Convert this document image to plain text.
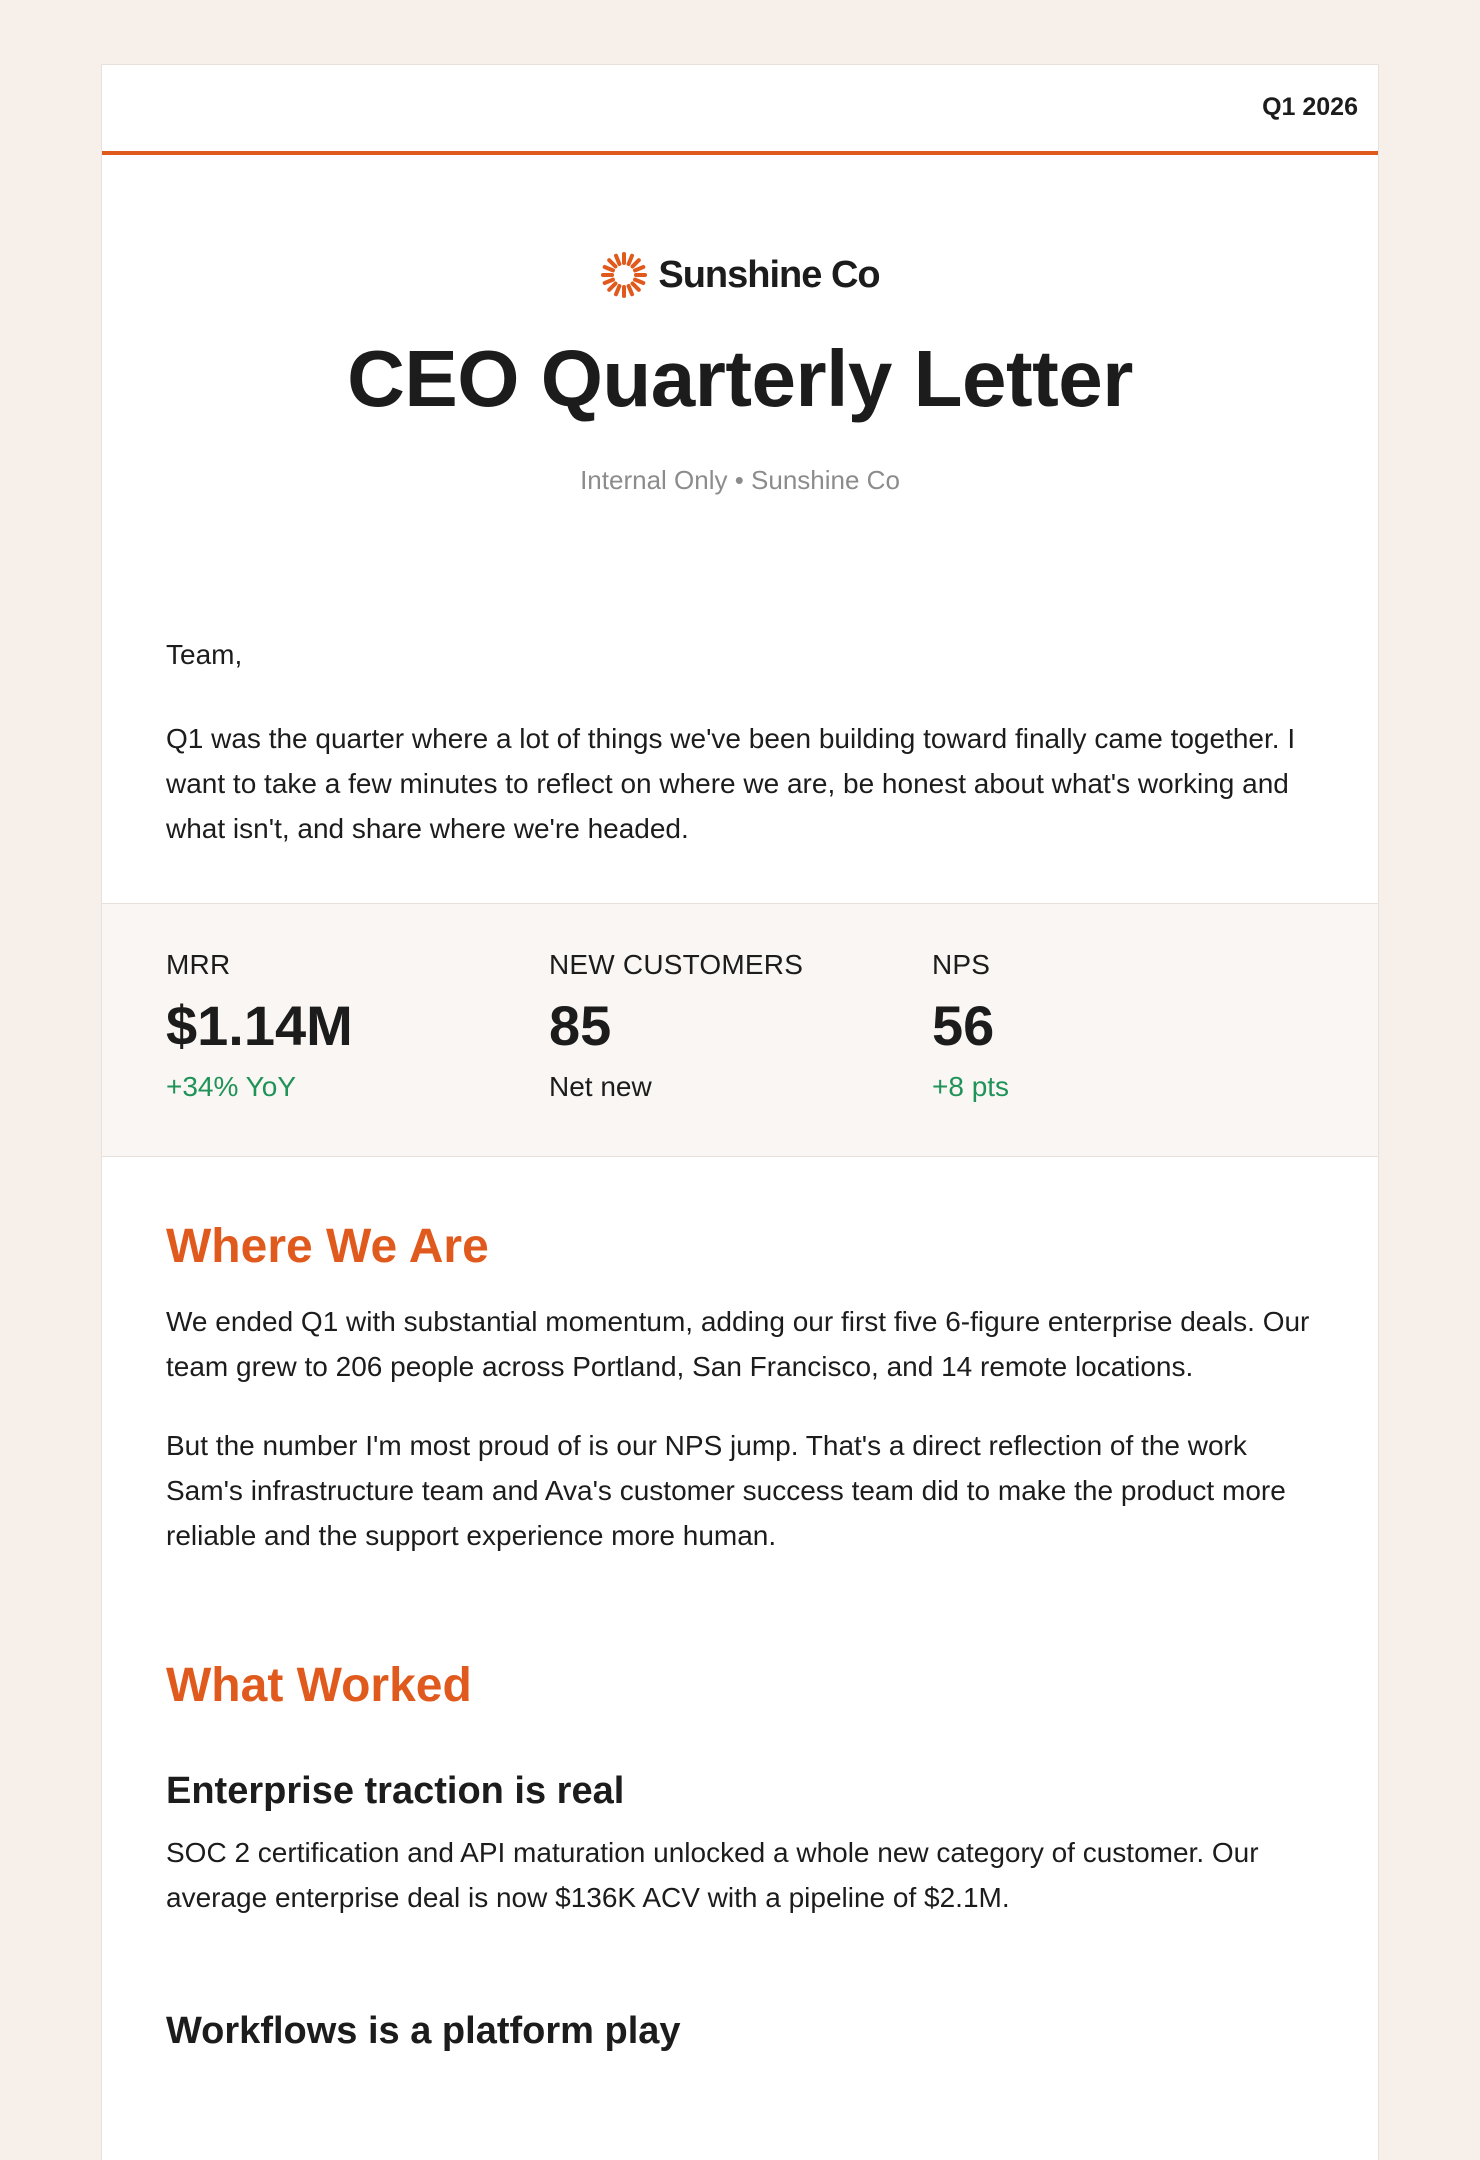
Q1 2026
Sunshine Co
CEO Quarterly Letter
Internal Only • Sunshine Co

Team,

Q1 was the quarter where a lot of things we've been building toward finally came together. I want to take a few minutes to reflect on where we are, be honest about what's working and what isn't, and share where we're headed.

MRR
$1.14M
+34% YoY
NEW CUSTOMERS
85
Net new
NPS
56
+8 pts
Where We Are

We ended Q1 with substantial momentum, adding our first five 6-figure enterprise deals. Our team grew to 206 people across Portland, San Francisco, and 14 remote locations.

But the number I'm most proud of is our NPS jump. That's a direct reflection of the work Sam's infrastructure team and Ava's customer success team did to make the product more reliable and the support experience more human.

What Worked
Enterprise traction is real

SOC 2 certification and API maturation unlocked a whole new category of customer. Our average enterprise deal is now $136K ACV with a pipeline of $2.1M.

Workflows is a platform play
